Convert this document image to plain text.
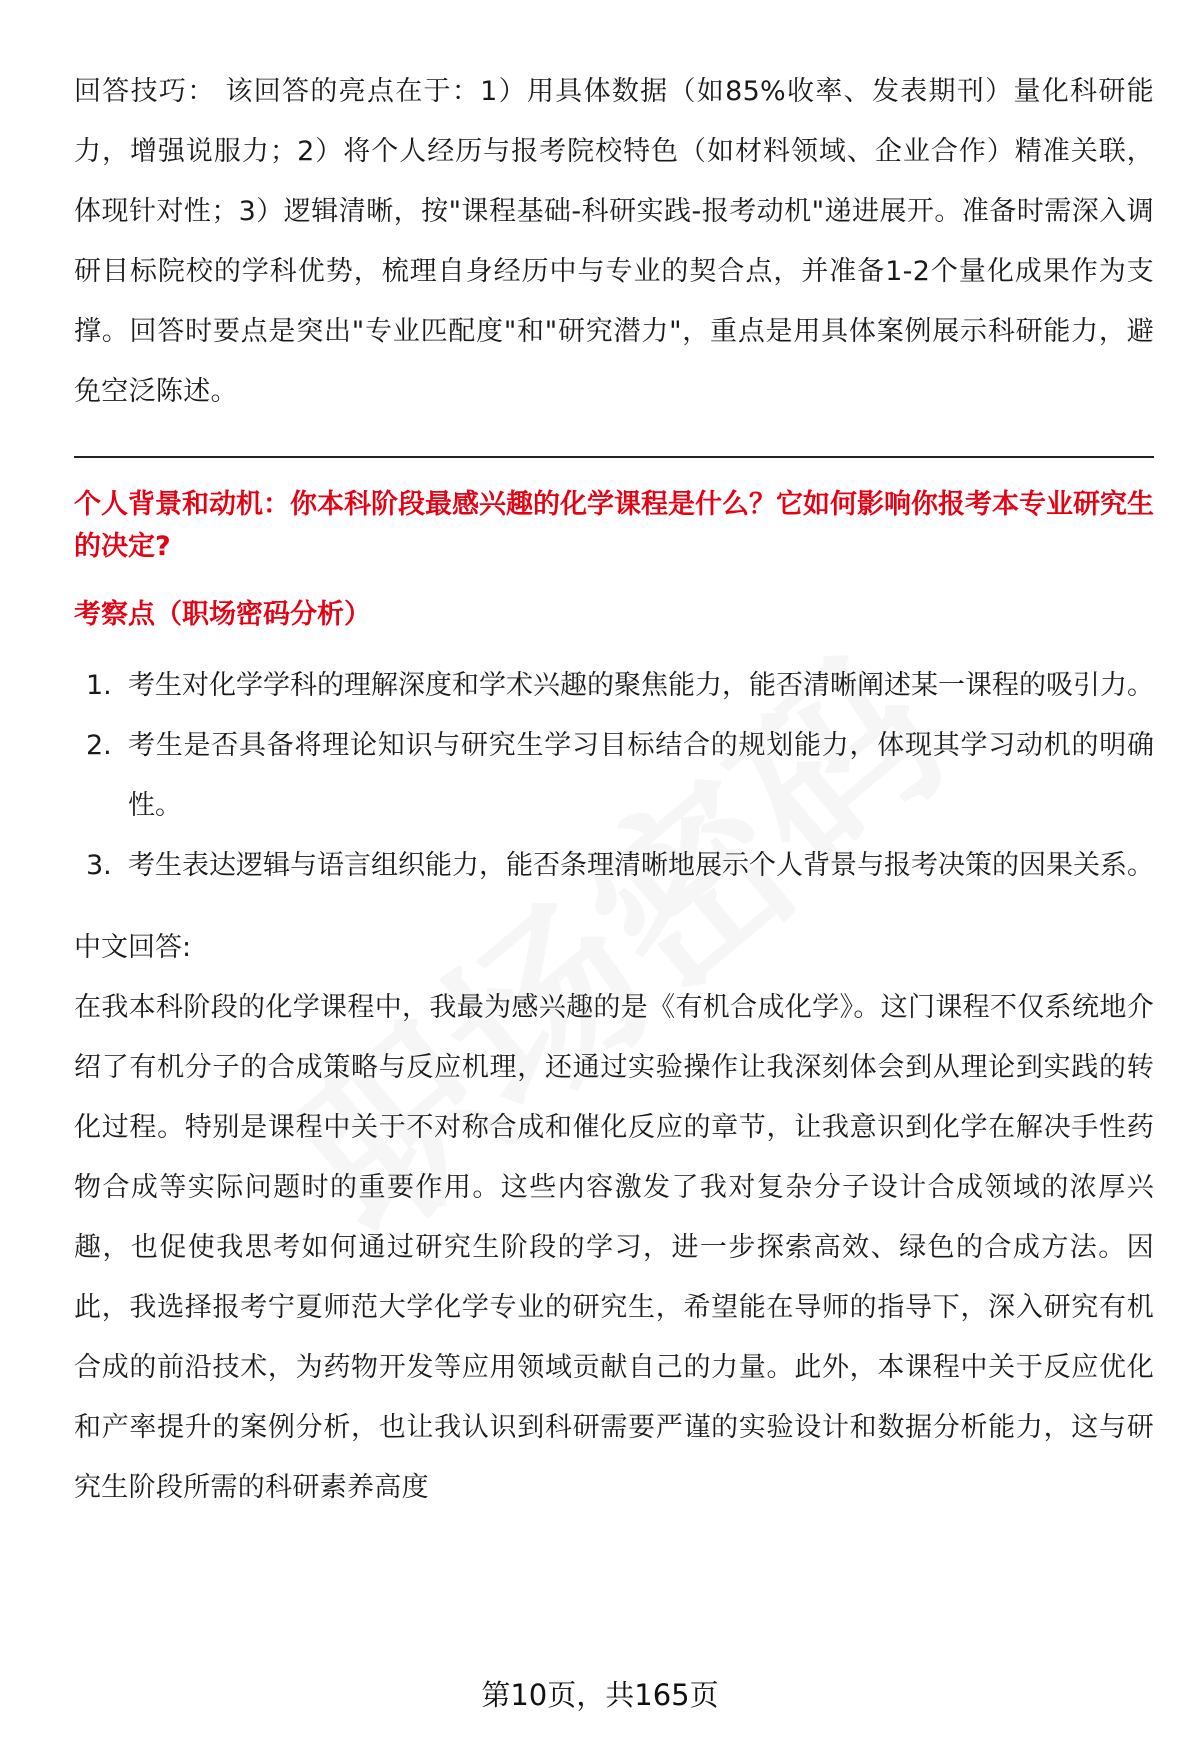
回答技巧： 该回答的亮点在于：1）用具体数据（如85%收率、发表期刊）量化科研能力，增强说服力；2）将个人经历与报考院校特色（如材料领域、企业合作）精准关联，体现针对性；3）逻辑清晰，按"课程基础-科研实践-报考动机"递进展开。准备时需深入调研目标院校的学科优势，梳理自身经历中与专业的契合点，并准备1-2个量化成果作为支撑。回答时要点是突出"专业匹配度"和"研究潜力"，重点是用具体案例展示科研能力，避免空泛陈述。

个人背景和动机：你本科阶段最感兴趣的化学课程是什么？它如何影响你报考本专业研究生的决定?

考察点（职场密码分析）

1. 考生对化学学科的理解深度和学术兴趣的聚焦能力，能否清晰阐述某一课程的吸引力。
2. 考生是否具备将理论知识与研究生学习目标结合的规划能力，体现其学习动机的明确性。
3. 考生表达逻辑与语言组织能力，能否条理清晰地展示个人背景与报考决策的因果关系。

中文回答:

在我本科阶段的化学课程中，我最为感兴趣的是《有机合成化学》。这门课程不仅系统地介绍了有机分子的合成策略与反应机理，还通过实验操作让我深刻体会到从理论到实践的转化过程。特别是课程中关于不对称合成和催化反应的章节，让我意识到化学在解决手性药物合成等实际问题时的重要作用。这些内容激发了我对复杂分子设计合成领域的浓厚兴趣，也促使我思考如何通过研究生阶段的学习，进一步探索高效、绿色的合成方法。因此，我选择报考宁夏师范大学化学专业的研究生，希望能在导师的指导下，深入研究有机合成的前沿技术，为药物开发等应用领域贡献自己的力量。此外，本课程中关于反应优化和产率提升的案例分析，也让我认识到科研需要严谨的实验设计和数据分析能力，这与研究生阶段所需的科研素养高度

第10页，共165页
